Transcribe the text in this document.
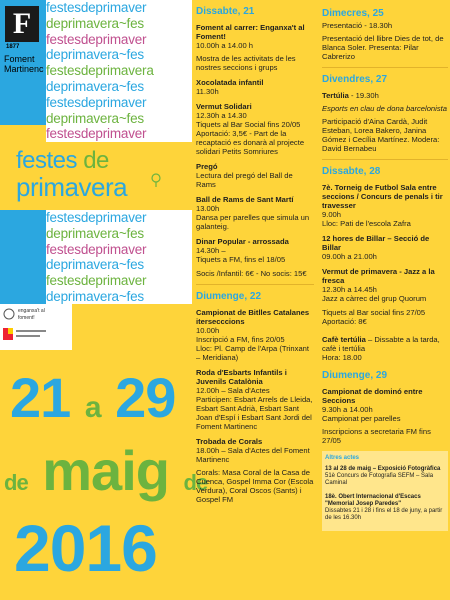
F
1877
Foment
Martinenc
festesdeprimaver
deprimavera~fes
festesdeprimaver
deprimavera~fes
festesdeprimavera
deprimavera~fes
festesdeprimaver
deprimavera~fes
festesdeprimaver
festes de
primavera
festesdeprimaver
deprimavera~fes
festesdeprimaver
deprimavera~fes
festesdeprimaver
deprimavera~fes
enganxa't al
foment!
21 a 29
de maig de
2016
Dissabte, 21

Foment al carrer: Enganxa't al Foment!

10.00h a 14.00 h

Mostra de les activitats de les nostres seccions i grups

Xocolatada infantil

11.30h

Vermut Solidari

12.30h a 14.30

Tiquets al Bar Social fins 20/05

Aportació: 3,5€ - Part de la recaptació es donarà al projecte solidari Petits Somriures

Pregó

Lectura del pregó del Ball de Rams

Ball de Rams de Sant Martí

13.00h

Dansa per parelles que simula un galanteig.

Dinar Popular - arrossada

14.30h –

Tiquets a FM, fins el 18/05

Socis /Infantil: 6€ - No socis: 15€

Diumenge, 22

Campionat de Bitlles Catalanes itersecccions

10.00h

Inscripció a FM, fins 20/05

Lloc: Pl. Camp de l'Arpa (Trinxant – Meridiana)

Roda d'Esbarts Infantils i Juvenils Catalònia

12.00h – Sala d'Actes

Participen: Esbart Arrels de Lleida, Esbart Sant Adrià, Esbart Sant Joan d'Espí i Esbart Sant Jordi del Foment Martinenc

Trobada de Corals

18.00h – Sala d'Actes del Foment Martinenc

Corals: Masa Coral de la Casa de Cuenca, Gospel Imma Cor (Escola Verdura), Coral Oscos (Sants) i Gospel FM

Dimecres, 25

Presentació - 18.30h

Presentació del llibre Dies de tot, de Blanca Soler. Presenta: Pilar Cabrerizo

Divendres, 27

Tertúlia - 19.30h

Esports en clau de dona barcelonista

Participació d'Aina Cardà, Judit Esteban, Lorea Bakero, Janina Gómez i Cecília Martínez. Modera: David Bernabeu

Dissabte, 28

7è. Torneig de Futbol Sala entre seccions / Concurs de penals i tir travesser

9.00h

Lloc: Pati de l'escola Zafra

12 hores de Billar – Secció de Billar

09.00h a 21.00h

Vermut de primavera - Jazz a la fresca

12.30h a 14.45h

Jazz a càrrec del grup Quorum

Tiquets al Bar social fins 27/05

Aportació: 8€

Cafè tertúlia – Dissabte a la tarda, cafè i tertúlia

Hora: 18.00

Diumenge, 29

Campionat de dominó entre Seccions

9.30h a 14.00h

Campionat per parelles

Inscripcions a secretaria FM fins 27/05

Altres actes

13 al 28 de maig – Exposició Fotogràfica

51è Concurs de Fotografia SEFM – Sala Caminal

18è. Obert Internacional d'Escacs "Memorial Josep Paredes"

Dissabtes 21 i 28 i fins el 18 de juny, a partir de les 16.30h
